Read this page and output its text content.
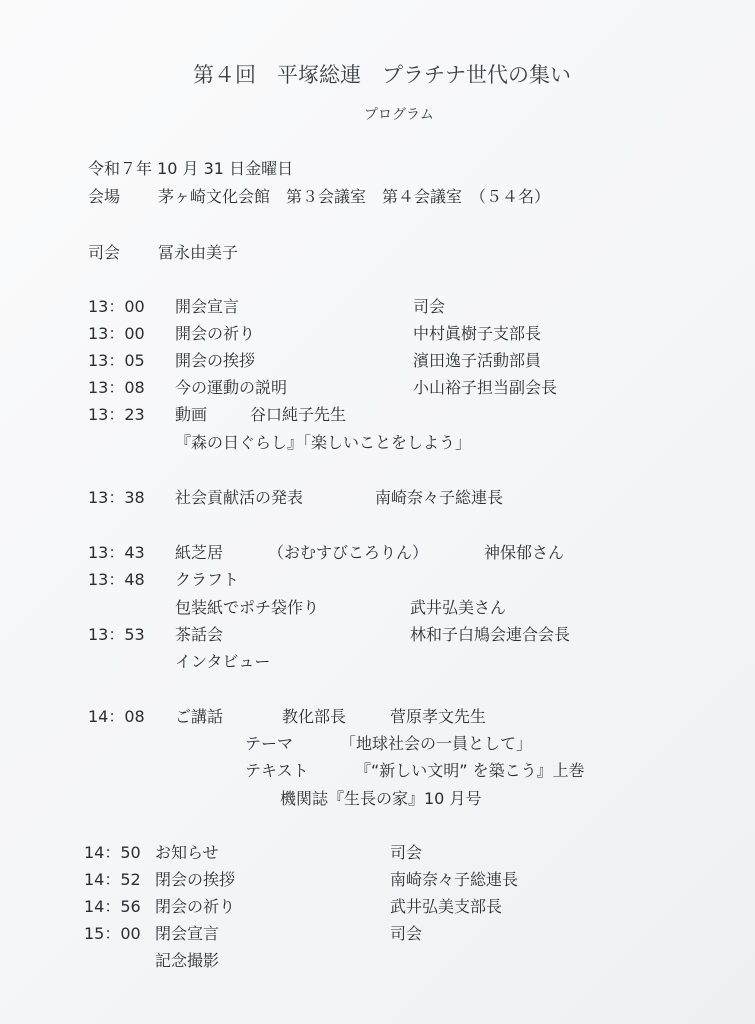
第４回　平塚総連　プラチナ世代の集い
プログラム
令和７年 10 月 31 日金曜日
会場 茅ヶ崎文化会館　第３会議室　第４会議室　（５４名）
司会 冨永由美子
13：00 開会宣言	司会
13：00 開会の祈り	中村眞樹子支部長
13：05 開会の挨拶	濱田逸子活動部員
13：08 今の運動の説明	小山裕子担当副会長
13：23 動画	谷口純子先生
『森の日ぐらし』「楽しいことをしよう」
13：38 社会貢献活の発表	南崎奈々子総連長
13：43 紙芝居	（おむすびころりん）	神保郁さん
13：48 クラフト
包装紙でポチ袋作り	武井弘美さん
13：53 茶話会	林和子白鳩会連合会長
インタビュー
14：08 ご講話	教化部長	菅原孝文先生
テーマ	「地球社会の一員として」
テキスト	『“新しい文明” を築こう』上巻
機関誌『生長の家』10 月号
14：50 お知らせ	司会
14：52 閉会の挨拶	南崎奈々子総連長
14：56 閉会の祈り	武井弘美支部長
15：00 閉会宣言	司会
記念撮影
